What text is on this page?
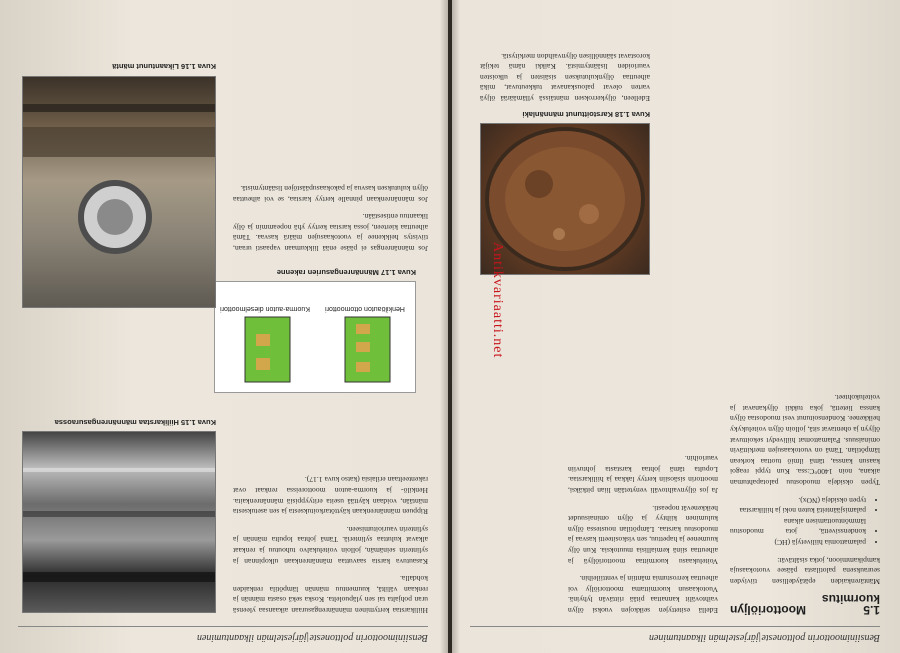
Bensiinimoottorin polttoneste|järjestelmän ilkaantuminen
1.5 Moottoriöljyn kuormitus

Mäntärenkaiden epätäydellisen tiiviyden seurauksena palotilasta pääsee vuotokaasuja kampikammioon, jotka sisältävät:

• palamattomia hiilivetyjä (HC)
• kondenssivettä, jota muodostuu lämmöntuottamisen aikana
• palamisjäänteitä kuten noki ja hiilikarstaa
• typen oksideja (NOx).

Typen oksideja muodostuu palotapahtuman aikana, noin 1400°C:ssa. Kun typpi reagoi kaasun kanssa, tämä ilmiö tuottaa korkean lämpötilan. Tämä on vuotokaasujen merkittävin ominaisuus. Palamattomat hiilivedyt sekoittuvat öljyyn ja ohentavat sitä, jolloin öljyn voitelukyky heikkenee. Kondensoitunut vesi muodostaa öljyn kanssa lietettä, joka tukkii öljykanavat ja voitelukohteet.

Edellä esitettyjen seikkojen vuoksi öljyn vaihtovälit kannattaa pitää riittävän lyhyinä. Vuotokaasun kuormittama moottoriöljy voi aiheuttaa kerrostumia mäntiin ja venttiileihin.

Voitelukaasu kuormittaa moottoriöljyä ja aiheuttaa siinä kemiallisia muutoksia. Kun öljy kuumenee ja hapettuu, sen viskositeetti kasvaa ja muodostuu karstaa. Lämpötilan noustessa öljyn kuluminen kiihtyy ja öljyn ominaisuudet heikkenevät nopeasti.

Ja jos öljynvaihtoväli venytetään liian pitkäksi, moottorin sisäosiin kertyy lakkaa ja hiilikarstaa. Lopulta tämä johtaa karstasta johtuviin vaurioihin.

Kuva 1.18 Karstoittunut männänlaki

Edelleen, öljykerroksen mäntäissä yllämäärää öljyä varten olevat palouskanavat tukkeutuvat, mikä aiheuttaa öljynkulutuksen sisäisten ja ulkoisten vaurioiden lisääntymistä. Kaikki nämä tekijät korostavat säännöllisen öljynvaihdon merkitystä.

Bensiinimoottorin polttoneste|järjestelmän ilkaantuminen

Hiilikarstaa kertyminen männänrengasuraan aikaansaa yleensä uran pohjalta tai sen yläpuolelta. Koska sekä osasta männän ja renkaan väliltä, kuumentuu männän lämpötila renkaiden kohdalla.

Kasautuva karsta saavuttaa männänrenkaan ulkopinnan ja sylinterin seinämän, jolloin voitelukalvo tuhoutuu ja renkaat alkavat kuluttaa sylinteriä. Tämä johtaa lopulta männän ja sylinterin vaurioitumiseen.

Rippuen männänrenkaan käyttötarkoituksesta ja sen asetuksesta mäntään, voidaan käyttää useita erityyppisiä männänrenkaita. Henkilö- ja kuorma-auton moottoreissa renkaat ovat rakenteeltaan erilaisia (katso kuva 1.17).

Kuva 1.15 Hiilikarstaa männänrengasuraossa
Henkilöauton ottomoottori
Kuorma-auton dieselmoottori
Kuva 1.17 Männänrengasurien rakenne
Kuva 1.16 Likaantunut mäntä

Jos männänrengas ei pääse enää liikkumaan vapaasti uraan, tiivistys heikkenee ja vuotokaasujen määrä kasvaa. Tämä aiheuttaa kierteen, jossa karstaa kertyy yhä nopeammin ja öljy likaantuu entisestään.

Jos männänrenkaan pinnalle kertyy karstaa, se voi aiheuttaa öljyn kulutuksen kasvua ja pakokaasupäästöjen lisääntymistä.

Antikvariaatti.net
